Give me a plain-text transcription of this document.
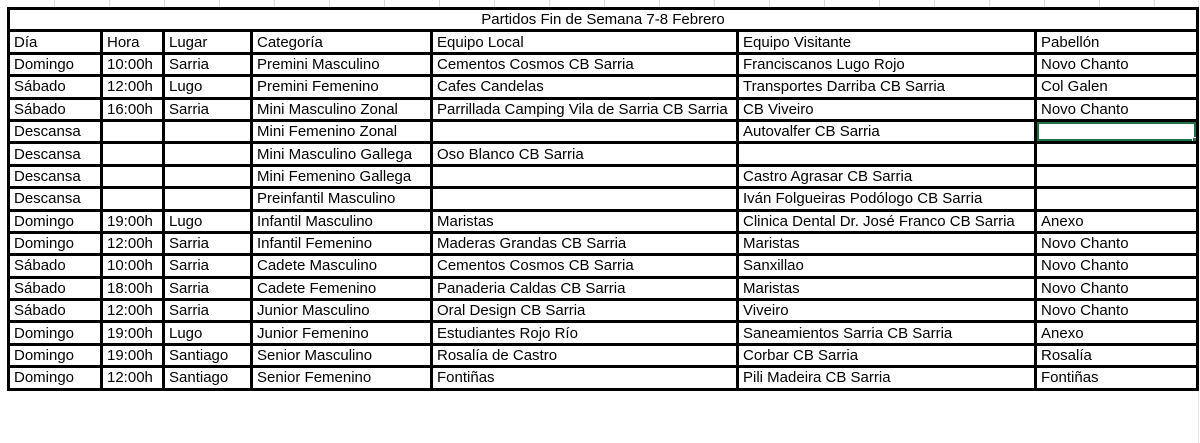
Partidos Fin de Semana 7-8 Febrero						
Día	Hora	Lugar	Categoría	Equipo Local	Equipo Visitante	Pabellón
Domingo	10:00h	Sarria	Premini Masculino	Cementos Cosmos CB Sarria	Franciscanos Lugo Rojo	Novo Chanto
Sábado	12:00h	Lugo	Premini Femenino	Cafes Candelas	Transportes Darriba CB Sarria	Col Galen
Sábado	16:00h	Sarria	Mini Masculino Zonal	Parrillada Camping Vila de Sarria CB Sarria	CB Viveiro	Novo Chanto
Descansa			Mini Femenino Zonal		Autovalfer CB Sarria	

Descansa			Mini Masculino Gallega	Oso Blanco CB Sarria		
Descansa			Mini Femenino Gallega		Castro Agrasar CB Sarria	
Descansa			Preinfantil Masculino		Iván Folgueiras Podólogo CB Sarria	
Domingo	19:00h	Lugo	Infantil Masculino	Maristas	Clinica Dental Dr. José Franco CB Sarria	Anexo
Domingo	12:00h	Sarria	Infantil Femenino	Maderas Grandas CB Sarria	Maristas	Novo Chanto
Sábado	10:00h	Sarria	Cadete Masculino	Cementos Cosmos CB Sarria	Sanxillao	Novo Chanto
Sábado	18:00h	Sarria	Cadete Femenino	Panaderia Caldas CB Sarria	Maristas	Novo Chanto
Sábado	12:00h	Sarria	Junior Masculino	Oral Design CB Sarria	Viveiro	Novo Chanto
Domingo	19:00h	Lugo	Junior Femenino	Estudiantes Rojo Río	Saneamientos Sarria CB Sarria	Anexo
Domingo	19:00h	Santiago	Senior Masculino	Rosalía de Castro	Corbar CB Sarria	Rosalía
Domingo	12:00h	Santiago	Senior Femenino	Fontiñas	Pili Madeira CB Sarria	Fontiñas
